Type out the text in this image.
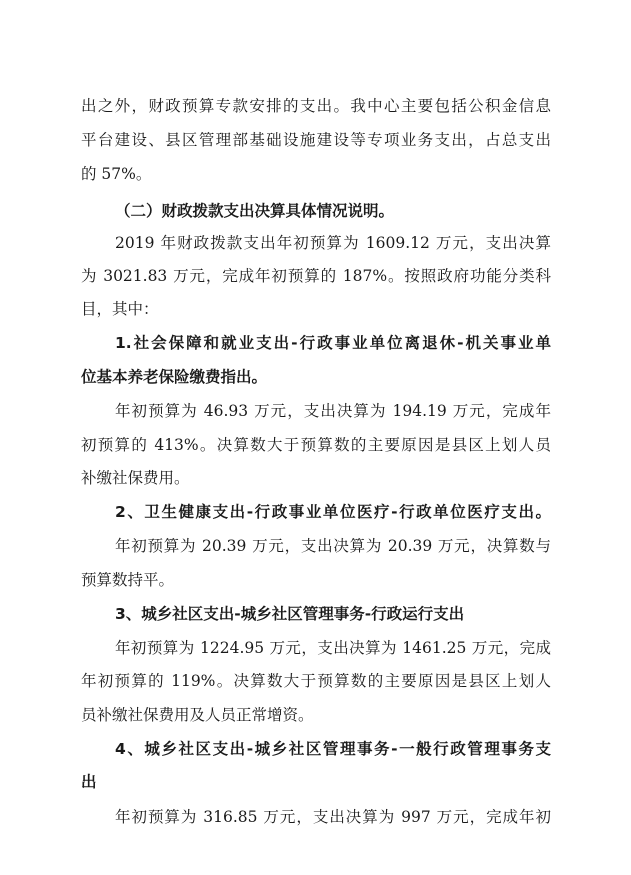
出之外，财政预算专款安排的支出。我中心主要包括公积金信息
平台建设、县区管理部基础设施建设等专项业务支出，占总支出
的 57%。
（二）财政拨款支出决算具体情况说明。
2019 年财政拨款支出年初预算为 1609.12 万元，支出决算
为 3021.83 万元，完成年初预算的 187%。按照政府功能分类科
目，其中：
1.社会保障和就业支出-行政事业单位离退休-机关事业单
位基本养老保险缴费指出。
年初预算为 46.93 万元，支出决算为 194.19 万元，完成年
初预算的 413%。决算数大于预算数的主要原因是县区上划人员
补缴社保费用。
2、卫生健康支出-行政事业单位医疗-行政单位医疗支出。
年初预算为 20.39 万元，支出决算为 20.39 万元，决算数与
预算数持平。
3、城乡社区支出-城乡社区管理事务-行政运行支出
年初预算为 1224.95 万元，支出决算为 1461.25 万元，完成
年初预算的 119%。决算数大于预算数的主要原因是县区上划人
员补缴社保费用及人员正常增资。
4、城乡社区支出-城乡社区管理事务-一般行政管理事务支
出
年初预算为 316.85 万元，支出决算为 997 万元，完成年初
